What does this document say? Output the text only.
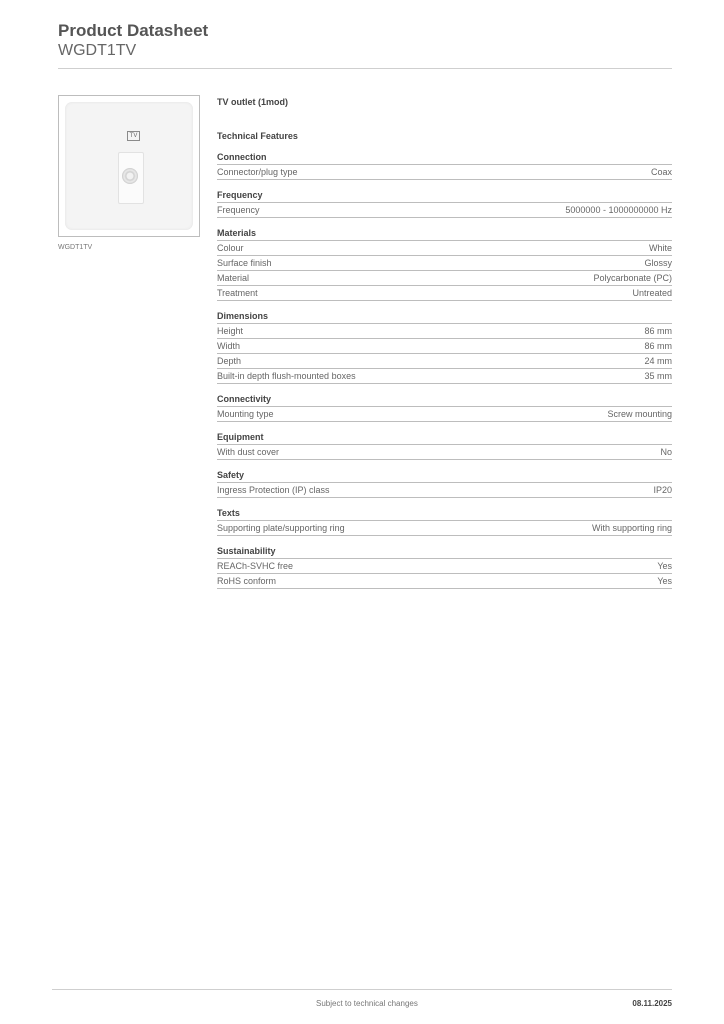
Product Datasheet
WGDT1TV
TV
WGDT1TV
TV outlet (1mod)
Technical Features
Connection
Connector/plug type	Coax
Frequency
Frequency	5000000 - 1000000000 Hz
Materials
Colour	White
Surface finish	Glossy
Material	Polycarbonate (PC)
Treatment	Untreated
Dimensions
Height	86 mm
Width	86 mm
Depth	24 mm
Built-in depth flush-mounted boxes	35 mm
Connectivity
Mounting type	Screw mounting
Equipment
With dust cover	No
Safety
Ingress Protection (IP) class	IP20
Texts
Supporting plate/supporting ring	With supporting ring
Sustainability
REACh-SVHC free	Yes
RoHS conform	Yes
Subject to technical changes	08.11.2025
